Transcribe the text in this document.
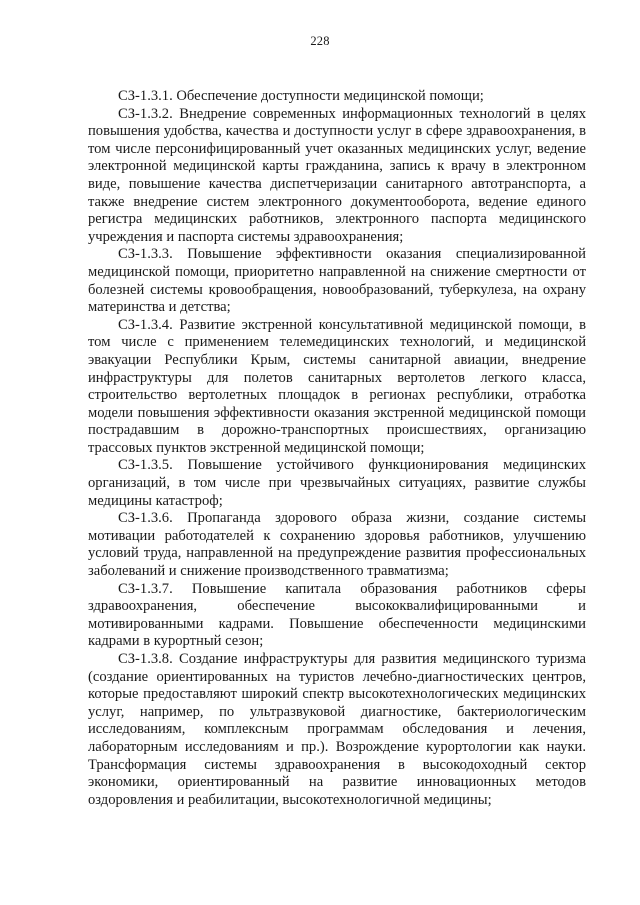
228

СЗ-1.3.1. Обеспечение доступности медицинской помощи;

СЗ-1.3.2. Внедрение современных информационных технологий в целях повышения удобства, качества и доступности услуг в сфере здравоохранения, в том числе персонифицированный учет оказанных медицинских услуг, ведение электронной медицинской карты гражданина, запись к врачу в электронном виде, повышение качества диспетчеризации санитарного автотранспорта, а также внедрение систем электронного документооборота, ведение единого регистра медицинских работников, электронного паспорта медицинского учреждения и паспорта системы здравоохранения;

СЗ-1.3.3. Повышение эффективности оказания специализированной медицинской помощи, приоритетно направленной на снижение смертности от болезней системы кровообращения, новообразований, туберкулеза, на охрану материнства и детства;

СЗ-1.3.4. Развитие экстренной консультативной медицинской помощи, в том числе с применением телемедицинских технологий, и медицинской эвакуации Республики Крым, системы санитарной авиации, внедрение инфраструктуры для полетов санитарных вертолетов легкого класса, строительство вертолетных площадок в регионах республики, отработка модели повышения эффективности оказания экстренной медицинской помощи пострадавшим в дорожно-транспортных происшествиях, организацию трассовых пунктов экстренной медицинской помощи;

СЗ-1.3.5. Повышение устойчивого функционирования медицинских организаций, в том числе при чрезвычайных ситуациях, развитие службы медицины катастроф;

СЗ-1.3.6. Пропаганда здорового образа жизни, создание системы мотивации работодателей к сохранению здоровья работников, улучшению условий труда, направленной на предупреждение развития профессиональных заболеваний и снижение производственного травматизма;

СЗ-1.3.7. Повышение капитала образования работников сферы здравоохранения, обеспечение высококвалифицированными и мотивированными кадрами. Повышение обеспеченности медицинскими кадрами в курортный сезон;

СЗ-1.3.8. Создание инфраструктуры для развития медицинского туризма (создание ориентированных на туристов лечебно-диагностических центров, которые предоставляют широкий спектр высокотехнологических медицинских услуг, например, по ультразвуковой диагностике, бактериологическим исследованиям, комплексным программам обследования и лечения, лабораторным исследованиям и пр.). Возрождение курортологии как науки. Трансформация системы здравоохранения в высокодоходный сектор экономики, ориентированный на развитие инновационных методов оздоровления и реабилитации, высокотехнологичной медицины;
